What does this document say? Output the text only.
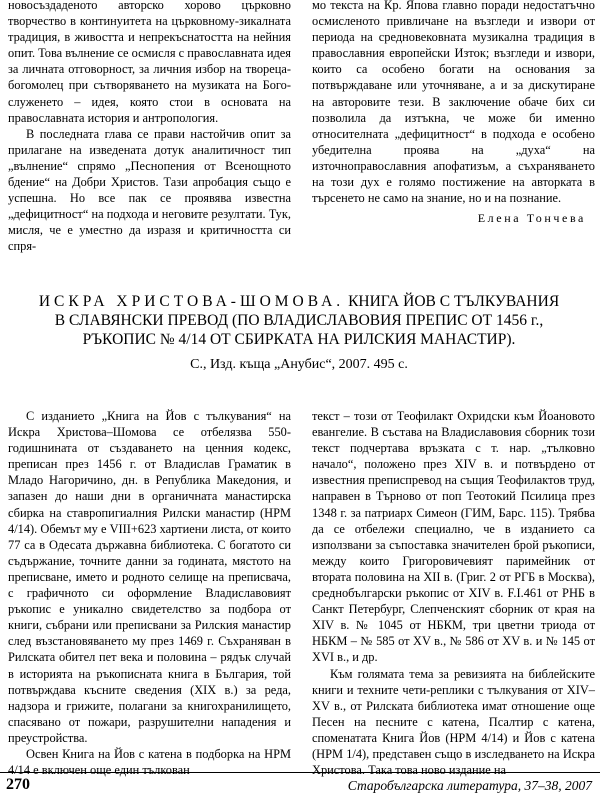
новосъздаденото авторско хорово църковно творчество в континуитета на църковному-зикалната традиция, в живостта и непрекъснатостта на нейния опит. Това вълнение се осмисля с православната идея за личната отговорност, за личния избор на твореца-богомолец при сътворяването на музиката на Бого-служенето – идея, която стои в основата на православната история и антропология.

В последната глава се прави настойчив опит за прилагане на изведената дотук аналитичност тип „вълнение“ спрямо „Песнопения от Всенощното бдение“ на Добри Христов. Тази апробация също е успешна. Но все пак се проявява известна „дефицитност“ на подхода и неговите резултати. Тук, мисля, че е уместно да изразя и критичността си спря-

мо текста на Кр. Япова главно поради недостатъчно осмисленото привличане на възгледи и извори от периода на средновековната музикална традиция в православния европейски Изток; възгледи и извори, които са особено богати на основания за потвърждаване или уточняване, а и за дискутиране на авторовите тези. В заключение обаче бих си позволила да изтъкна, че може би именно относителната „дефицитност“ в подхода е особено убедителна проява на „духа“ на източноправославния апофатизъм, а съхраняването на този дух е голямо постижение на авторката в търсенето не само на знание, но и на познание.

Елена Тончева
ИСКРА ХРИСТОВА-ШОМОВА. КНИГА ЙОВ С ТЪЛКУВАНИЯ
В СЛАВЯНСКИ ПРЕВОД (ПО ВЛАДИСЛАВОВИЯ ПРЕПИС ОТ 1456 г.,
РЪКОПИС № 4/14 ОТ СБИРКАТА НА РИЛСКИЯ МАНАСТИР).
С., Изд. къща „Анубис“, 2007. 495 с.

С изданието „Книга на Йов с тълкувания“ на Искра Христова–Шомова се отбелязва 550-годишнината от създаването на ценния кодекс, преписан през 1456 г. от Владислав Граматик в Младо Нагоричино, дн. в Република Македония, и запазен до наши дни в органичната манастирска сбирка на ставропигиалния Рилски манастир (НРМ 4/14). Обемът му е VIII+623 хартиени листа, от които 77 са в Одесата държавна библиотека. С богатото си съдържание, точните данни за годината, мястото на преписване, името и родното селище на преписвача, с графичното си оформление Владиславовият ръкопис е уникално свидетелство за подбора от книги, събрани или преписвани за Рилския манастир след възстановяването му през 1469 г. Съхраняван в Рилската обител пет века и половина – рядък случай в историята на ръкописната книга в България, той потвърждава късните сведения (XIX в.) за реда, надзора и грижите, полагани за книгохранилището, спасявано от пожари, разрушителни нападения и преустройства.

Освен Книга на Йов с катена в подборка на НРМ 4/14 е включен още един тълкован

текст – този от Теофилакт Охридски към Йоановото евангелие. В състава на Владиславовия сборник този текст подчертава връзката с т. нар. „тълковно начало“, положено през XIV в. и потвърдено от известния преписпревод на същия Теофилактов труд, направен в Търново от поп Теотокий Псилица през 1348 г. за патриарх Симеон (ГИМ, Барс. 115). Трябва да се отбележи специално, че в изданието са използвани за съпоставка значителен брой ръкописи, между които Григоровичевият паримейник от втората половина на XII в. (Григ. 2 от РГБ в Москва), среднобългарски ръкопис от XIV в. F.I.461 от РНБ в Санкт Петербург, Слепченският сборник от края на XIV в. № 1045 от НБКМ, три цветни триода от НБКМ – № 585 от XV в., № 586 от XV в. и № 145 от XVI в., и др.

Към голямата тема за ревизията на библейските книги и техните чети-реплики с тълкувания от XIV–XV в., от Рилската библиотека имат отношение още Песен на песните с катена, Псалтир с катена, споменатата Книга Йов (НРМ 4/14) и Йов с катена (НРМ 1/4), представен също в изследването на Искра Христова. Така това ново издание на

270	Старобългарска литература, 37–38, 2007
